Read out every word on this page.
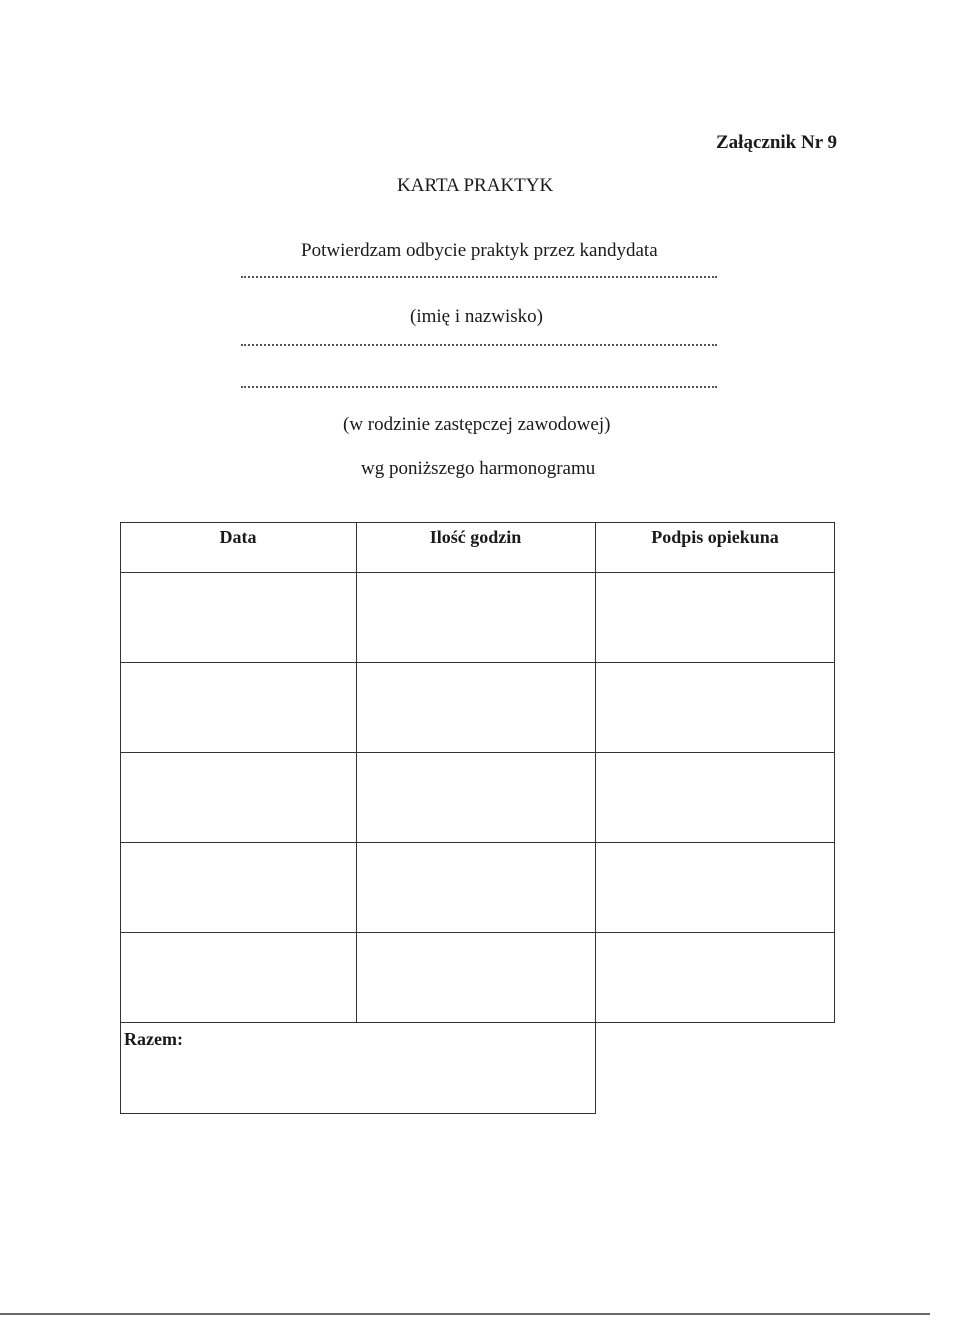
Załącznik Nr 9
KARTA PRAKTYK
Potwierdzam odbycie praktyk przez kandydata
(imię i nazwisko)
(w rodzinie zastępczej zawodowej)
wg poniższego harmonogramu
Data	Ilość godzin	Podpis opiekuna
Razem:
